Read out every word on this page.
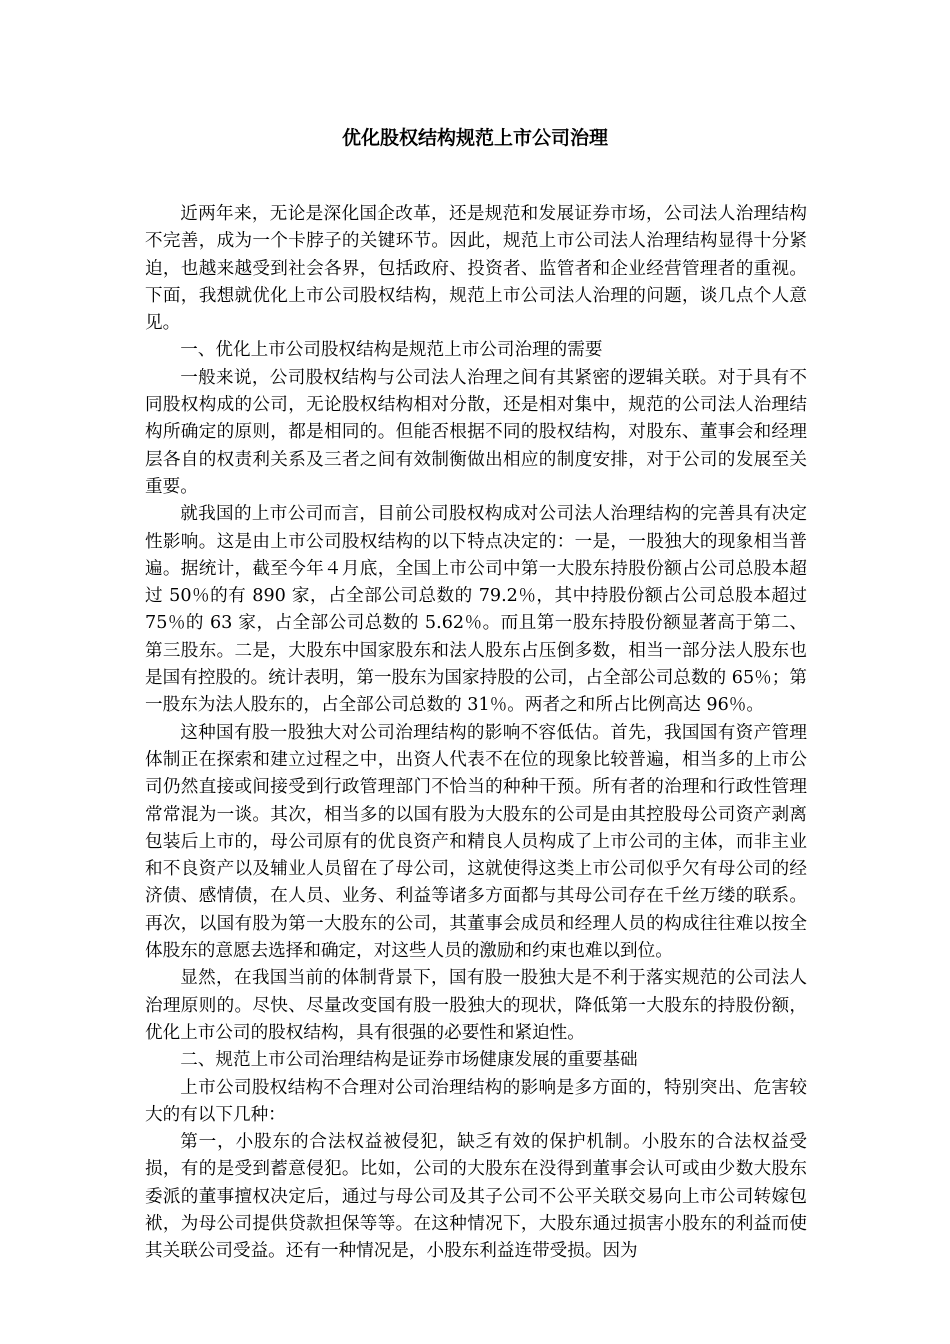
优化股权结构规范上市公司治理

近两年来，无论是深化国企改革，还是规范和发展证券市场，公司法人治理结构不完善，成为一个卡脖子的关键环节。因此，规范上市公司法人治理结构显得十分紧迫，也越来越受到社会各界，包括政府、投资者、监管者和企业经营管理者的重视。下面，我想就优化上市公司股权结构，规范上市公司法人治理的问题，谈几点个人意见。

一、优化上市公司股权结构是规范上市公司治理的需要

一般来说，公司股权结构与公司法人治理之间有其紧密的逻辑关联。对于具有不同股权构成的公司，无论股权结构相对分散，还是相对集中，规范的公司法人治理结构所确定的原则，都是相同的。但能否根据不同的股权结构，对股东、董事会和经理层各自的权责利关系及三者之间有效制衡做出相应的制度安排，对于公司的发展至关重要。

就我国的上市公司而言，目前公司股权构成对公司法人治理结构的完善具有决定性影响。这是由上市公司股权结构的以下特点决定的：一是，一股独大的现象相当普遍。据统计，截至今年４月底，全国上市公司中第一大股东持股份额占公司总股本超过 50％的有 890 家，占全部公司总数的 79.2％，其中持股份额占公司总股本超过 75％的 63 家，占全部公司总数的 5.62％。而且第一股东持股份额显著高于第二、第三股东。二是，大股东中国家股东和法人股东占压倒多数，相当一部分法人股东也是国有控股的。统计表明，第一股东为国家持股的公司，占全部公司总数的 65％；第一股东为法人股东的，占全部公司总数的 31％。两者之和所占比例高达 96％。

这种国有股一股独大对公司治理结构的影响不容低估。首先，我国国有资产管理体制正在探索和建立过程之中，出资人代表不在位的现象比较普遍，相当多的上市公司仍然直接或间接受到行政管理部门不恰当的种种干预。所有者的治理和行政性管理常常混为一谈。其次，相当多的以国有股为大股东的公司是由其控股母公司资产剥离包装后上市的，母公司原有的优良资产和精良人员构成了上市公司的主体，而非主业和不良资产以及辅业人员留在了母公司，这就使得这类上市公司似乎欠有母公司的经济债、感情债，在人员、业务、利益等诸多方面都与其母公司存在千丝万缕的联系。再次，以国有股为第一大股东的公司，其董事会成员和经理人员的构成往往难以按全体股东的意愿去选择和确定，对这些人员的激励和约束也难以到位。

显然，在我国当前的体制背景下，国有股一股独大是不利于落实规范的公司法人治理原则的。尽快、尽量改变国有股一股独大的现状，降低第一大股东的持股份额，优化上市公司的股权结构，具有很强的必要性和紧迫性。

二、规范上市公司治理结构是证券市场健康发展的重要基础

上市公司股权结构不合理对公司治理结构的影响是多方面的，特别突出、危害较大的有以下几种：

第一，小股东的合法权益被侵犯，缺乏有效的保护机制。小股东的合法权益受损，有的是受到蓄意侵犯。比如，公司的大股东在没得到董事会认可或由少数大股东委派的董事擅权决定后，通过与母公司及其子公司不公平关联交易向上市公司转嫁包袱，为母公司提供贷款担保等等。在这种情况下，大股东通过损害小股东的利益而使其关联公司受益。还有一种情况是，小股东利益连带受损。因为
